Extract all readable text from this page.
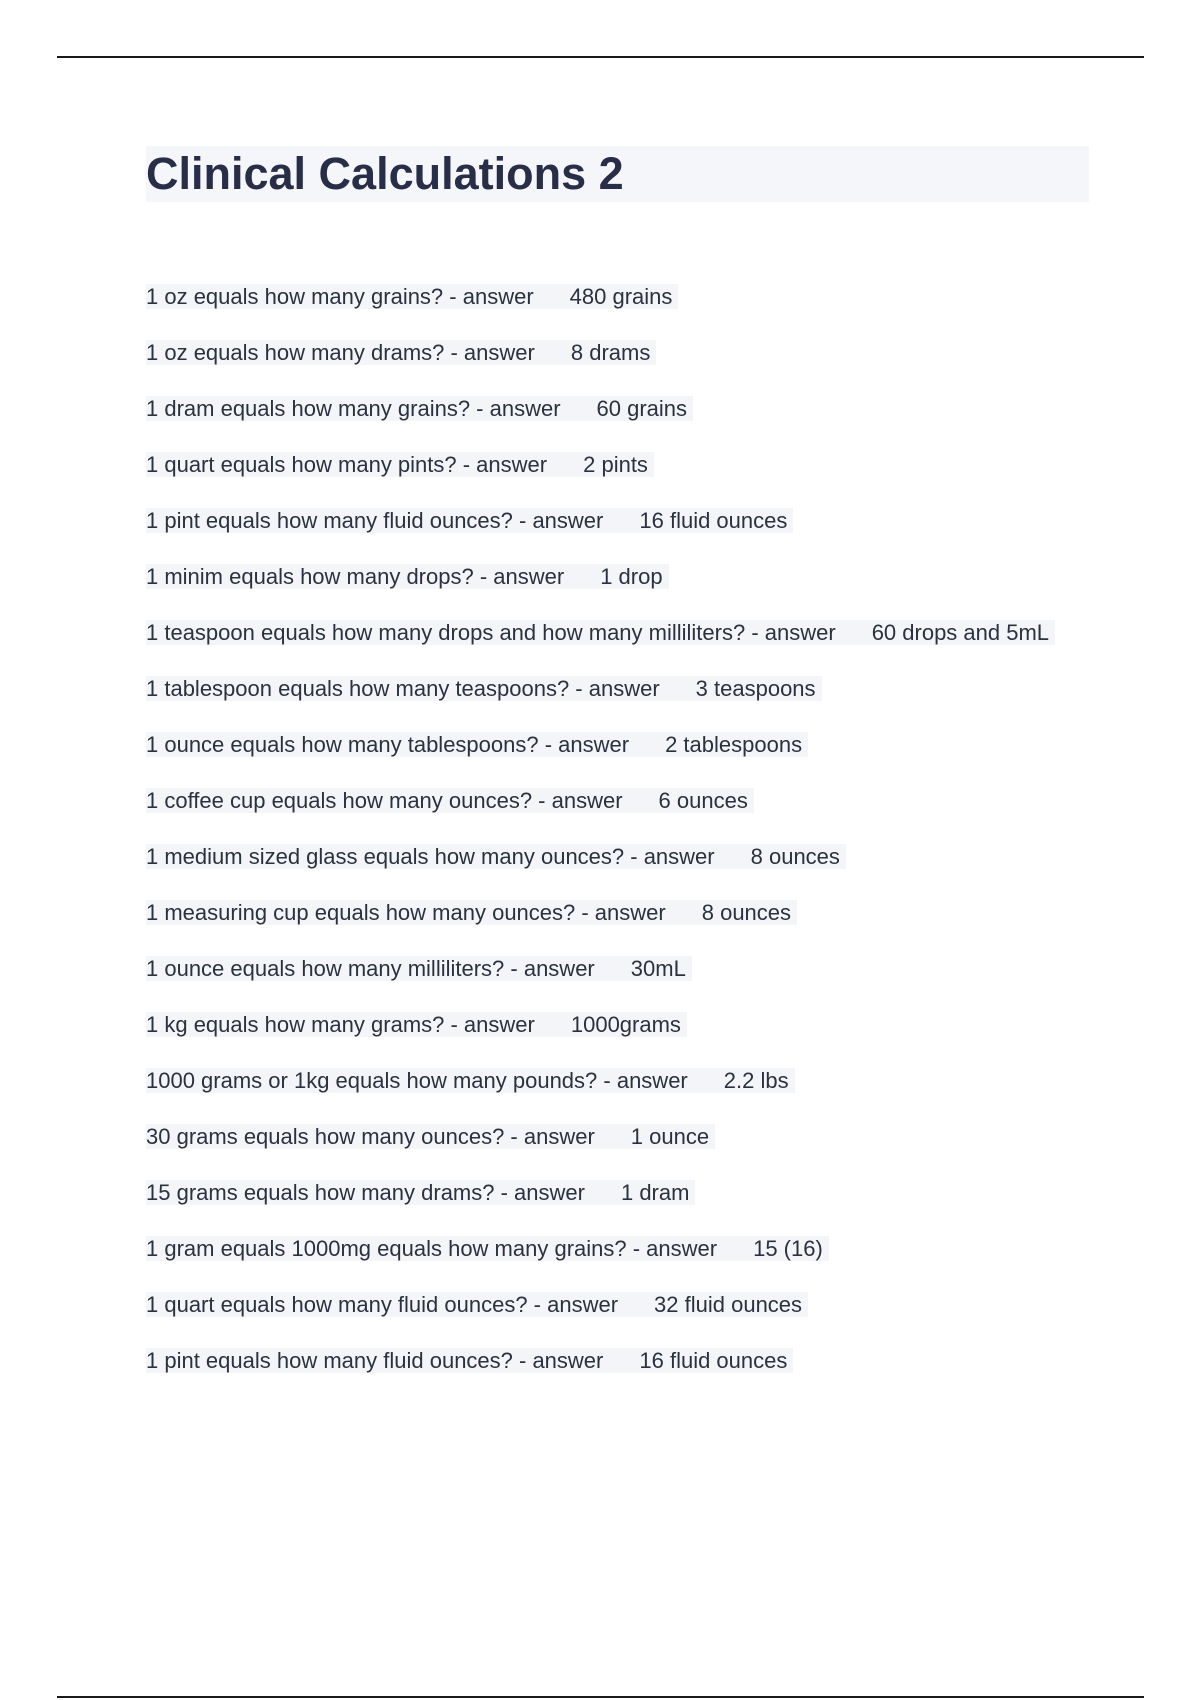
Clinical Calculations 2
1 oz equals how many grains? - answer 480 grains
1 oz equals how many drams? - answer 8 drams
1 dram equals how many grains? - answer 60 grains
1 quart equals how many pints? - answer 2 pints
1 pint equals how many fluid ounces? - answer 16 fluid ounces
1 minim equals how many drops? - answer 1 drop
1 teaspoon equals how many drops and how many milliliters? - answer 60 drops and 5mL
1 tablespoon equals how many teaspoons? - answer 3 teaspoons
1 ounce equals how many tablespoons? - answer 2 tablespoons
1 coffee cup equals how many ounces? - answer 6 ounces
1 medium sized glass equals how many ounces? - answer 8 ounces
1 measuring cup equals how many ounces? - answer 8 ounces
1 ounce equals how many milliliters? - answer 30mL
1 kg equals how many grams? - answer 1000grams
1000 grams or 1kg equals how many pounds? - answer 2.2 lbs
30 grams equals how many ounces? - answer 1 ounce
15 grams equals how many drams? - answer 1 dram
1 gram equals 1000mg equals how many grains? - answer 15 (16)
1 quart equals how many fluid ounces? - answer 32 fluid ounces
1 pint equals how many fluid ounces? - answer 16 fluid ounces
